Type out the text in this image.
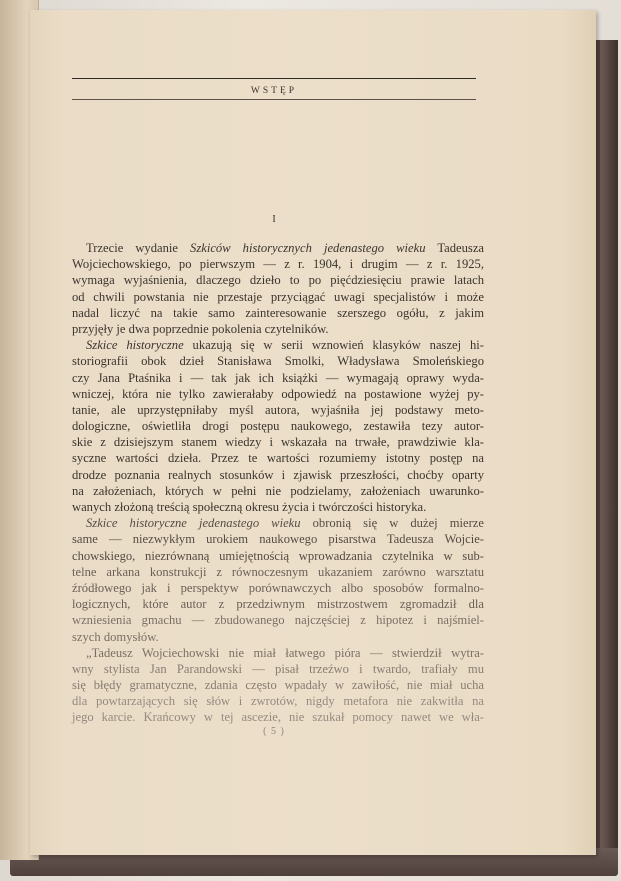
WSTĘP
I
Trzecie wydanie Szkiców historycznych jedenastego wieku Tadeusza
Wojciechowskiego, po pierwszym — z r. 1904, i drugim — z r. 1925,
wymaga wyjaśnienia, dlaczego dzieło to po pięćdziesięciu prawie latach
od chwili powstania nie przestaje przyciągać uwagi specjalistów i może
nadal liczyć na takie samo zainteresowanie szerszego ogółu, z jakim
przyjęły je dwa poprzednie pokolenia czytelników.
Szkice historyczne ukazują się w serii wznowień klasyków naszej hi-
storiografii obok dzieł Stanisława Smolki, Władysława Smoleńskiego
czy Jana Ptaśnika i — tak jak ich książki — wymagają oprawy wyda-
wniczej, która nie tylko zawierałaby odpowiedź na postawione wyżej py-
tanie, ale uprzystępniłaby myśl autora, wyjaśniła jej podstawy meto-
dologiczne, oświetliła drogi postępu naukowego, zestawiła tezy autor-
skie z dzisiejszym stanem wiedzy i wskazała na trwałe, prawdziwie kla-
syczne wartości dzieła. Przez te wartości rozumiemy istotny postęp na
drodze poznania realnych stosunków i zjawisk przeszłości, choćby oparty
na założeniach, których w pełni nie podzielamy, założeniach uwarunko-
wanych złożoną treścią społeczną okresu życia i twórczości historyka.
Szkice historyczne jedenastego wieku obronią się w dużej mierze
same — niezwykłym urokiem naukowego pisarstwa Tadeusza Wojcie-
chowskiego, niezrównaną umiejętnością wprowadzania czytelnika w sub-
telne arkana konstrukcji z równoczesnym ukazaniem zarówno warsztatu
źródłowego jak i perspektyw porównawczych albo sposobów formalno-
logicznych, które autor z przedziwnym mistrzostwem zgromadził dla
wzniesienia gmachu — zbudowanego najczęściej z hipotez i najśmiel-
szych domysłów.
„Tadeusz Wojciechowski nie miał łatwego pióra — stwierdził wytra-
wny stylista Jan Parandowski — pisał trzeźwo i twardo, trafiały mu
się błędy gramatyczne, zdania często wpadały w zawiłość, nie miał ucha
dla powtarzających się słów i zwrotów, nigdy metafora nie zakwitła na
jego karcie. Krańcowy w tej ascezie, nie szukał pomocy nawet we wła-
( 5 )
